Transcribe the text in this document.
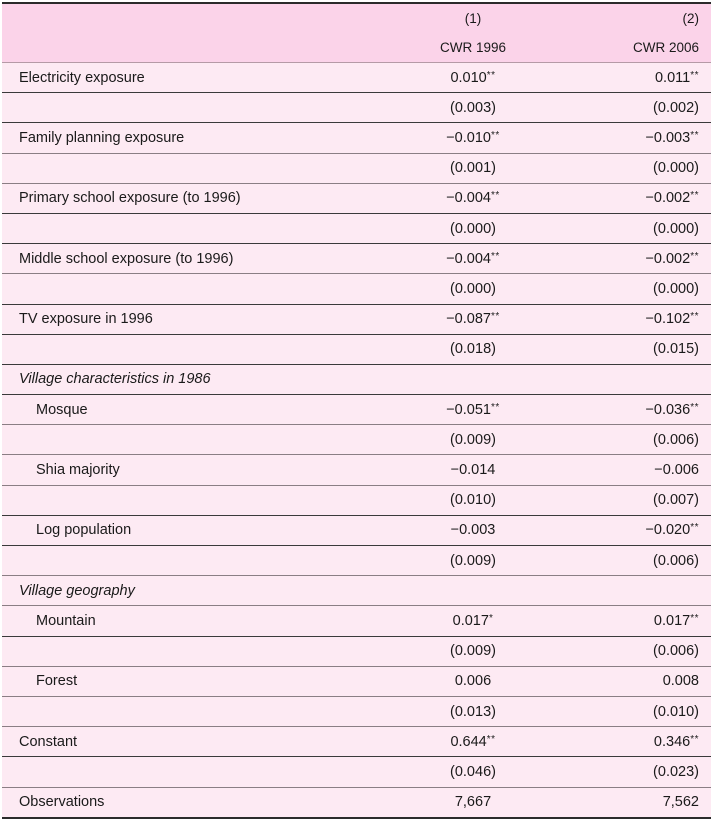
	(1)	(2)
	CWR 1996	CWR 2006
Electricity exposure	0.010**	0.011**
	(0.003)	(0.002)
Family planning exposure	−0.010**	−0.003**
	(0.001)	(0.000)
Primary school exposure (to 1996)	−0.004**	−0.002**
	(0.000)	(0.000)
Middle school exposure (to 1996)	−0.004**	−0.002**
	(0.000)	(0.000)
TV exposure in 1996	−0.087**	−0.102**
	(0.018)	(0.015)
Village characteristics in 1986		
Mosque	−0.051**	−0.036**
	(0.009)	(0.006)
Shia majority	−0.014	−0.006
	(0.010)	(0.007)
Log population	−0.003	−0.020**
	(0.009)	(0.006)
Village geography		
Mountain	0.017*	0.017**
	(0.009)	(0.006)
Forest	0.006	0.008
	(0.013)	(0.010)
Constant	0.644**	0.346**
	(0.046)	(0.023)
Observations	7,667	7,562
